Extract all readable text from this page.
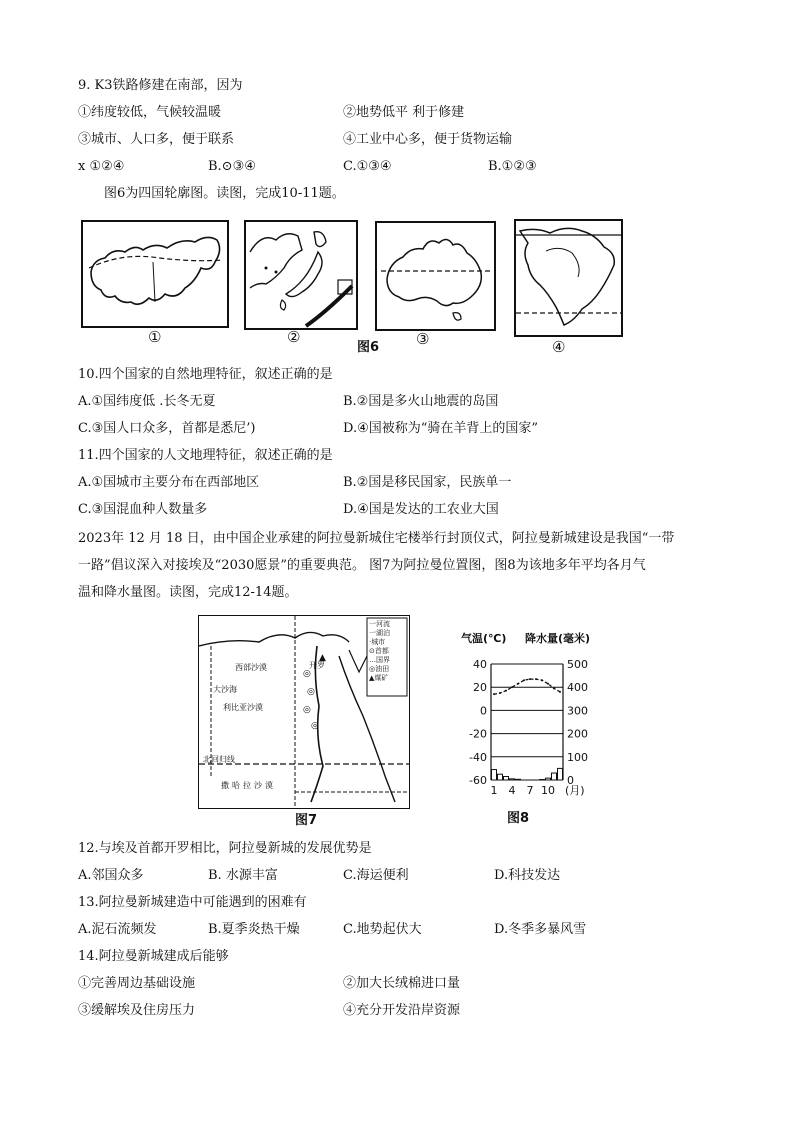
9. K3铁路修建在南部，因为
①纬度较低，气候较温暖	②地势低平 利于修建
③城市、人口多，便于联系	④工业中心多，便于货物运输
x ①②④	B.⊙③④	C.①③④	B.①②③
图6为四国轮廓图。读图，完成10-11题。
①	②
图6 ③	④
10.四个国家的自然地理特征，叙述正确的是
A.①国纬度低 .长冬无夏	B.②国是多火山地震的岛国
C.③国人口众多，首都是悉尼’)	D.④国被称为“骑在羊背上的国家”
11.四个国家的人文地理特征，叙述正确的是
A.①国城市主要分布在西部地区	B.②国是移民国家，民族单一
C.③国混血种人数量多	D.④国是发达的工农业大国
2023年 12 月 18 日，由中国企业承建的阿拉曼新城住宅楼举行封顶仪式，阿拉曼新城建设是我国“一带
一路”倡议深入对接埃及“2030愿景”的重要典范。 图7为阿拉曼位置图，图8为该地多年平均各月气
温和降水量图。读图，完成12-14题。
▲
◎
◎
◎
◎
一河流
一湖泊
·城市
⊙首都
…国界
◎油田
▲煤矿
西部沙漠
大沙海
利比亚沙漠
开罗
北回归线
撒哈拉沙漠
图7
气温(℃) 降水量(毫米)
40
20
0
-20
-40
-60
500
400
300
200
100
0
1 4 7 10 (月)
图8
12.与埃及首都开罗相比，阿拉曼新城的发展优势是
A.邻国众多	B. 水源丰富	C.海运便利	D.科技发达
13.阿拉曼新城建造中可能遇到的困难有
A.泥石流频发	B.夏季炎热干燥	C.地势起伏大	D.冬季多暴风雪
14.阿拉曼新城建成后能够
①完善周边基础设施	②加大长绒棉进口量
③缓解埃及住房压力	④充分开发沿岸资源
